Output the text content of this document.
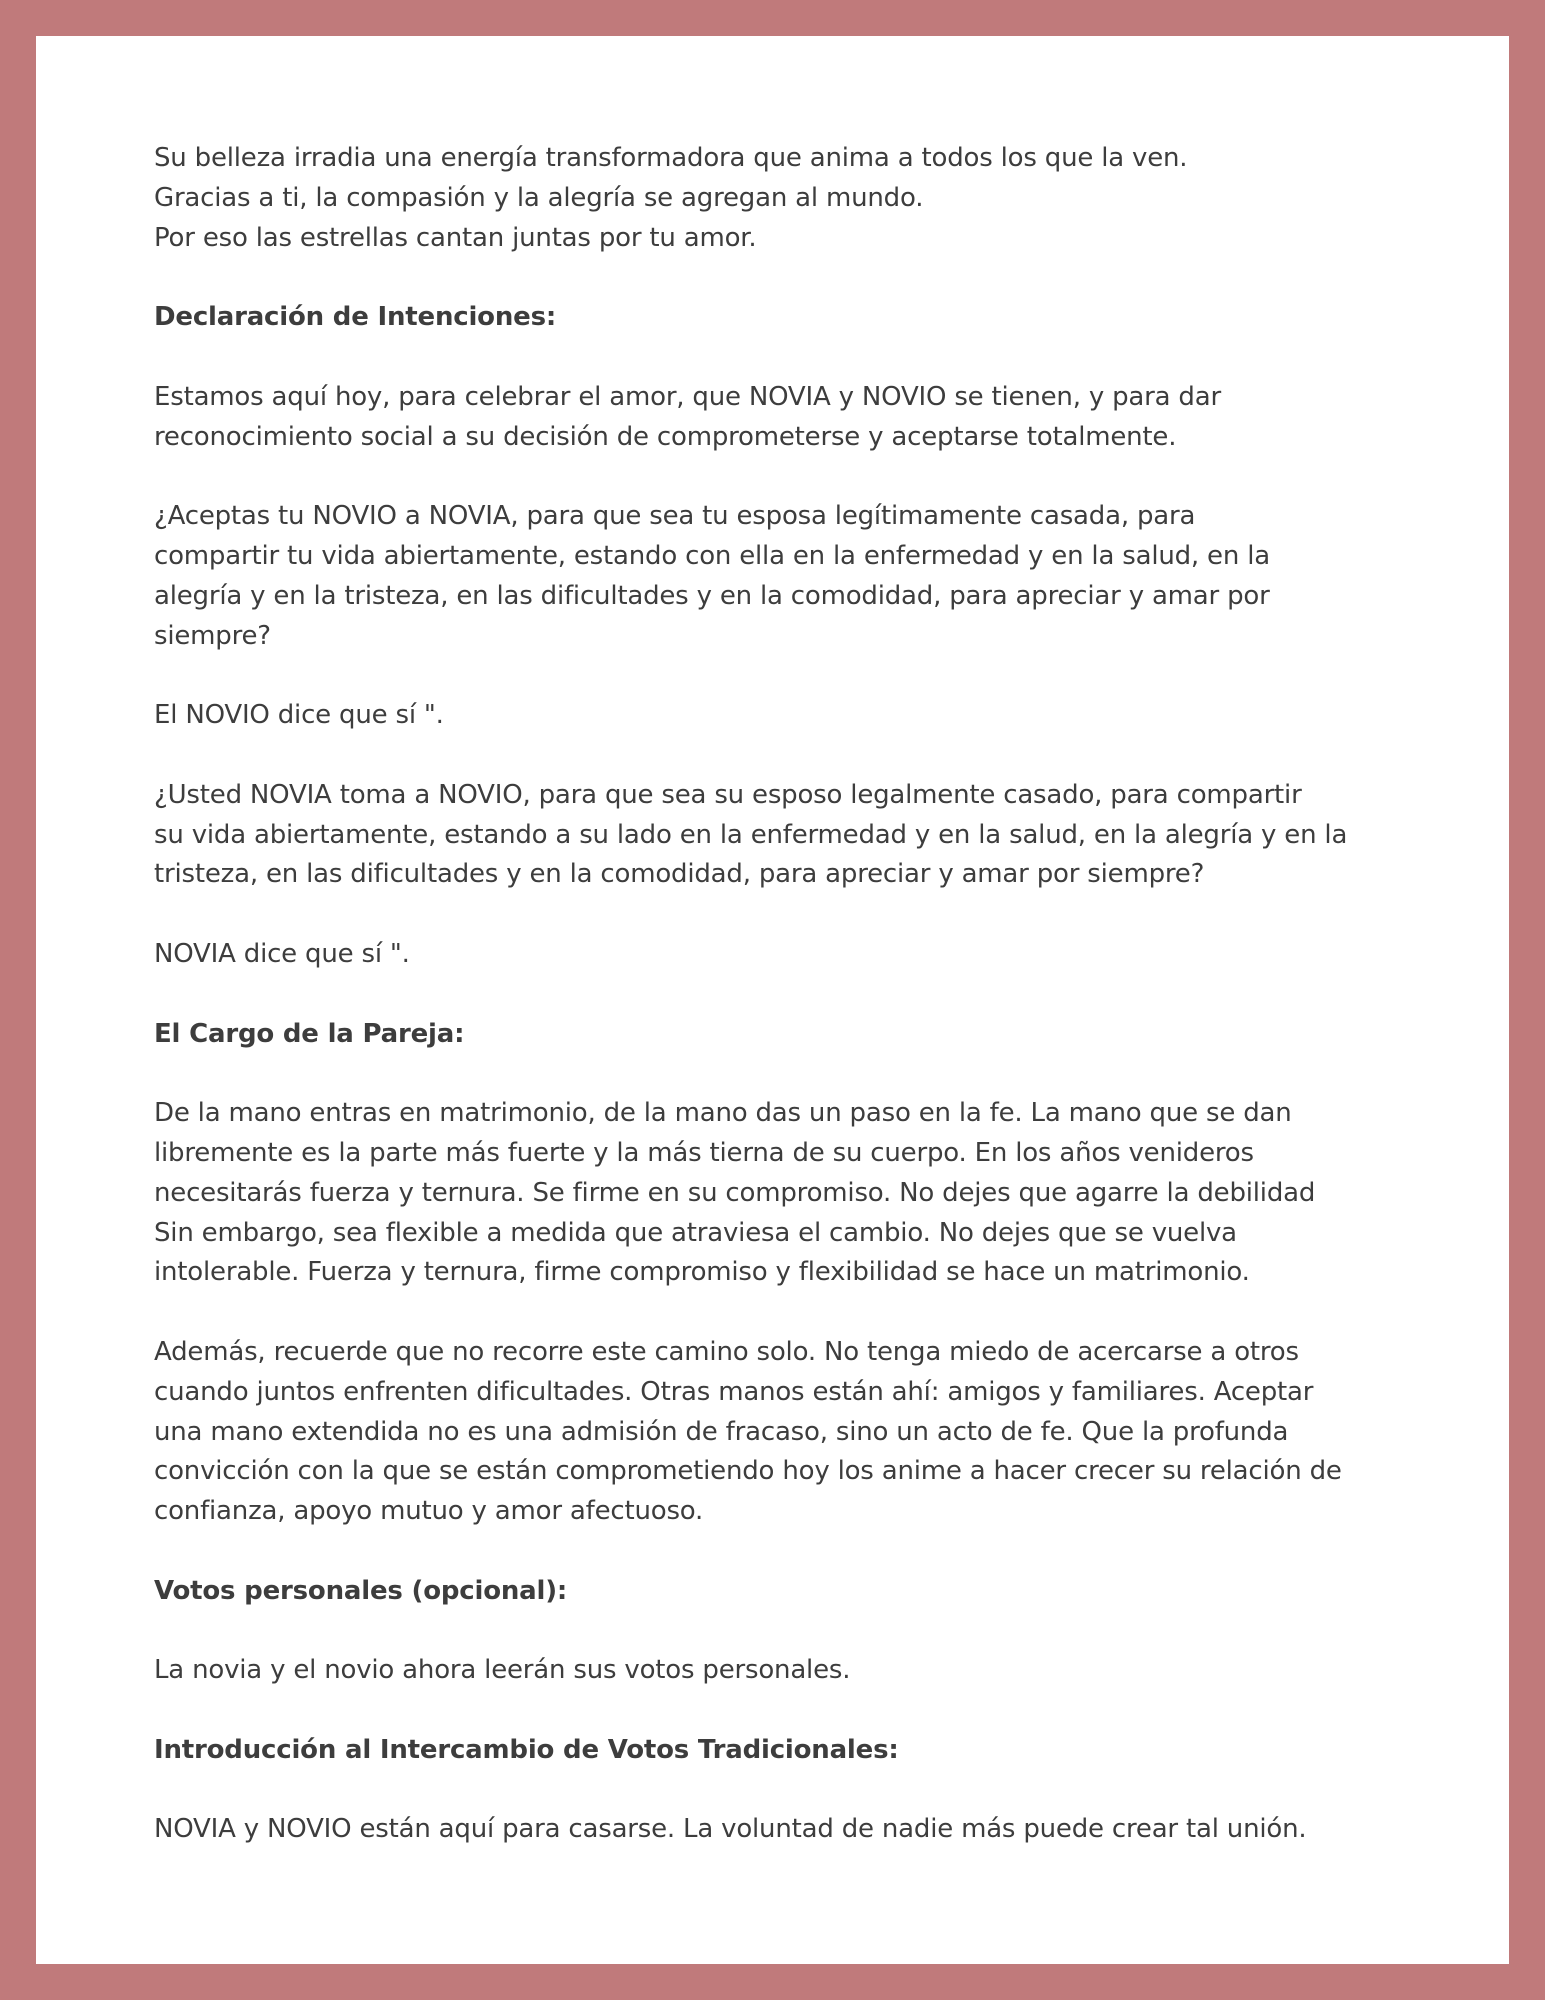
Su belleza irradia una energía transformadora que anima a todos los que la ven.
Gracias a ti, la compasión y la alegría se agregan al mundo.
Por eso las estrellas cantan juntas por tu amor.

Declaración de Intenciones:

Estamos aquí hoy, para celebrar el amor, que NOVIA y NOVIO se tienen, y para dar
reconocimiento social a su decisión de comprometerse y aceptarse totalmente.

¿Aceptas tu NOVIO a NOVIA, para que sea tu esposa legítimamente casada, para
compartir tu vida abiertamente, estando con ella en la enfermedad y en la salud, en la
alegría y en la tristeza, en las dificultades y en la comodidad, para apreciar y amar por
siempre?

El NOVIO dice que sí ".

¿Usted NOVIA toma a NOVIO, para que sea su esposo legalmente casado, para compartir
su vida abiertamente, estando a su lado en la enfermedad y en la salud, en la alegría y en la
tristeza, en las dificultades y en la comodidad, para apreciar y amar por siempre?

NOVIA dice que sí ".

El Cargo de la Pareja:

De la mano entras en matrimonio, de la mano das un paso en la fe. La mano que se dan
libremente es la parte más fuerte y la más tierna de su cuerpo. En los años venideros
necesitarás fuerza y ternura. Se firme en su compromiso. No dejes que agarre la debilidad
Sin embargo, sea flexible a medida que atraviesa el cambio. No dejes que se vuelva
intolerable. Fuerza y ternura, firme compromiso y flexibilidad se hace un matrimonio.

Además, recuerde que no recorre este camino solo. No tenga miedo de acercarse a otros
cuando juntos enfrenten dificultades. Otras manos están ahí: amigos y familiares. Aceptar
una mano extendida no es una admisión de fracaso, sino un acto de fe. Que la profunda
convicción con la que se están comprometiendo hoy los anime a hacer crecer su relación de
confianza, apoyo mutuo y amor afectuoso.

Votos personales (opcional):

La novia y el novio ahora leerán sus votos personales.

Introducción al Intercambio de Votos Tradicionales:

NOVIA y NOVIO están aquí para casarse. La voluntad de nadie más puede crear tal unión.
